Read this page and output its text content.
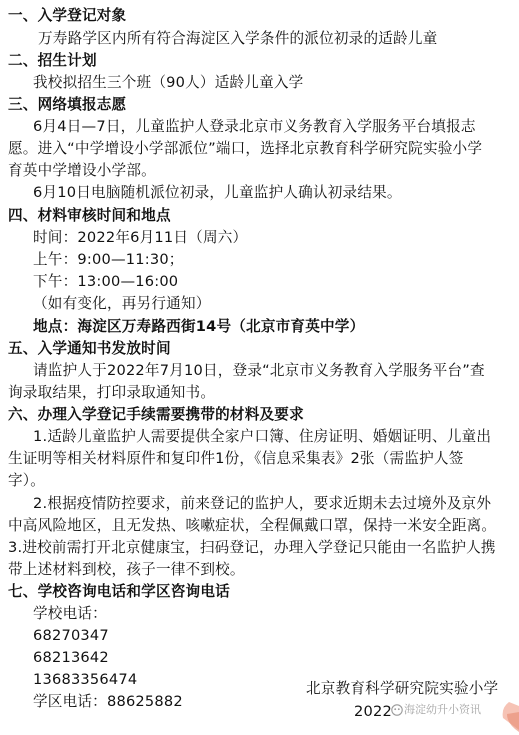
一、入学登记对象
万寿路学区内所有符合海淀区入学条件的派位初录的适龄儿童
二、招生计划
我校拟招生三个班（90人）适龄儿童入学
三、网络填报志愿
6月4日—7日，儿童监护人登录北京市义务教育入学服务平台填报志
愿。进入“中学增设小学部派位”端口，选择北京教育科学研究院实验小学
育英中学增设小学部。
6月10日电脑随机派位初录，儿童监护人确认初录结果。
四、材料审核时间和地点
时间：2022年6月11日（周六）
上午：9:00—11:30；
下午：13:00—16:00
（如有变化，再另行通知）
地点：海淀区万寿路西街14号（北京市育英中学）
五、入学通知书发放时间
请监护人于2022年7月10日，登录“北京市义务教育入学服务平台”查
询录取结果，打印录取通知书。
六、办理入学登记手续需要携带的材料及要求
1.适龄儿童监护人需要提供全家户口簿、住房证明、婚姻证明、儿童出
生证明等相关材料原件和复印件1份，《信息采集表》2张（需监护人签
字）。
2.根据疫情防控要求，前来登记的监护人，要求近期未去过境外及京外
中高风险地区，且无发热、咳嗽症状，全程佩戴口罩，保持一米安全距离。
3.进校前需打开北京健康宝，扫码登记，办理入学登记只能由一名监护人携
带上述材料到校，孩子一律不到校。
七、学校咨询电话和学区咨询电话
学校电话：
68270347
68213642
13683356474
学区电话：88625882
北京教育科学研究院实验小学
2022 海淀幼升小资讯
